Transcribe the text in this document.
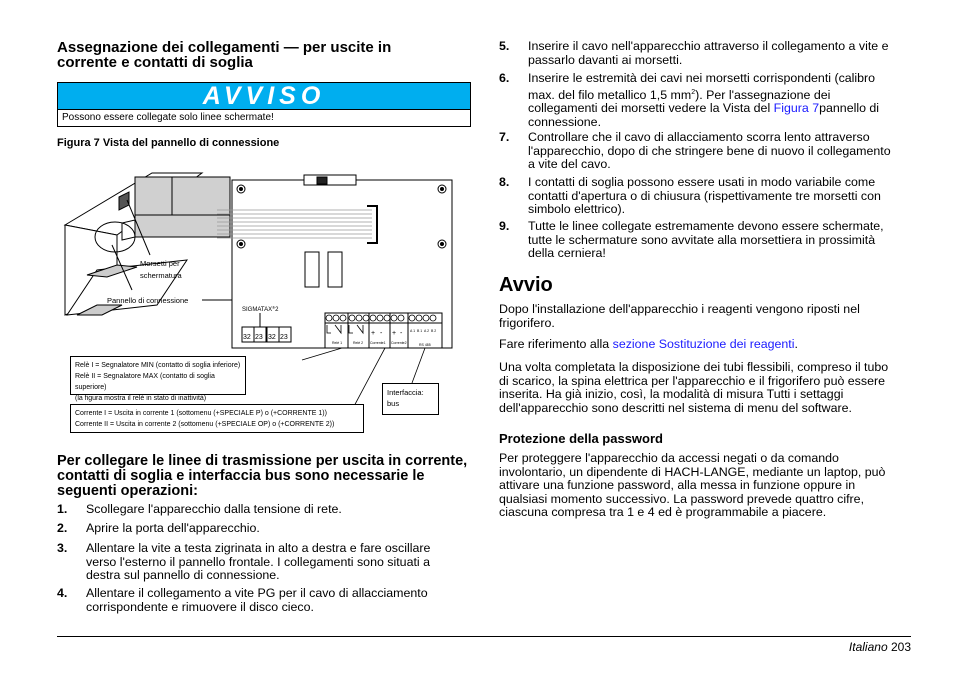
Assegnazione dei collegamenti — per uscite in
corrente e contatti di soglia
AVVISO
Possono essere collegate solo linee schermate!
Figura 7 Vista del pannello di connessione
Morsetti per
schermatura
Pannello di connessione
SIGMATAX®2
32 23 32 23
+ - + - A 1 B 1 A 2 B 2
Relè 1	Relè 2 Corrente1 Corrente2	RS 485
Relè I = Segnalatore MIN (contatto di soglia inferiore)
Relè II = Segnalatore MAX (contatto di soglia superiore)
(la figura mostra il relè in stato di inattività)
Corrente I = Uscita in corrente 1 (sottomenu (+SPECIALE P) o (+CORRENTE 1))
Corrente II = Uscita in corrente 2 (sottomenu (+SPECIALE OP) o (+CORRENTE 2))
Interfaccia:
bus
Per collegare le linee di trasmissione per uscita in corrente,
contatti di soglia e interfaccia bus sono necessarie le
seguenti operazioni:
1. Scollegare l'apparecchio dalla tensione di rete.
2. Aprire la porta dell'apparecchio.
3. Allentare la vite a testa zigrinata in alto a destra e fare oscillare
verso l'esterno il pannello frontale. I collegamenti sono situati a
destra sul pannello di connessione.
4. Allentare il collegamento a vite PG per il cavo di allacciamento
corrispondente e rimuovere il disco cieco.
5. Inserire il cavo nell'apparecchio attraverso il collegamento a vite e
passarlo davanti ai morsetti.
6. Inserire le estremità dei cavi nei morsetti corrispondenti (calibro
max. del filo metallico 1,5 $mm^2$). Per l'assegnazione dei
collegamenti dei morsetti vedere la Vista del Figura 7pannello di
connessione.
7. Controllare che il cavo di allacciamento scorra lento attraverso
l'apparecchio, dopo di che stringere bene di nuovo il collegamento
a vite del cavo.
8. I contatti di soglia possono essere usati in modo variabile come
contatti d'apertura o di chiusura (rispettivamente tre morsetti con
simbolo elettrico).
9. Tutte le linee collegate estremamente devono essere schermate,
tutte le schermature sono avvitate alla morsettiera in prossimità
della cerniera!
Avvio
Dopo l'installazione dell'apparecchio i reagenti vengono riposti nel
frigorifero.
Fare riferimento alla sezione Sostituzione dei reagenti.
Una volta completata la disposizione dei tubi flessibili, compreso il tubo
di scarico, la spina elettrica per l'apparecchio e il frigorifero può essere
inserita. Ha già inizio, così, la modalità di misura Tutti i settaggi
dell'apparecchio sono descritti nel sistema di menu del software.
Protezione della password
Per proteggere l'apparecchio da accessi negati o da comando
involontario, un dipendente di HACH-LANGE, mediante un laptop, può
attivare una funzione password, alla messa in funzione oppure in
qualsiasi momento successivo. La password prevede quattro cifre,
ciascuna compresa tra 1 e 4 ed è programmabile a piacere.
Italiano 203
